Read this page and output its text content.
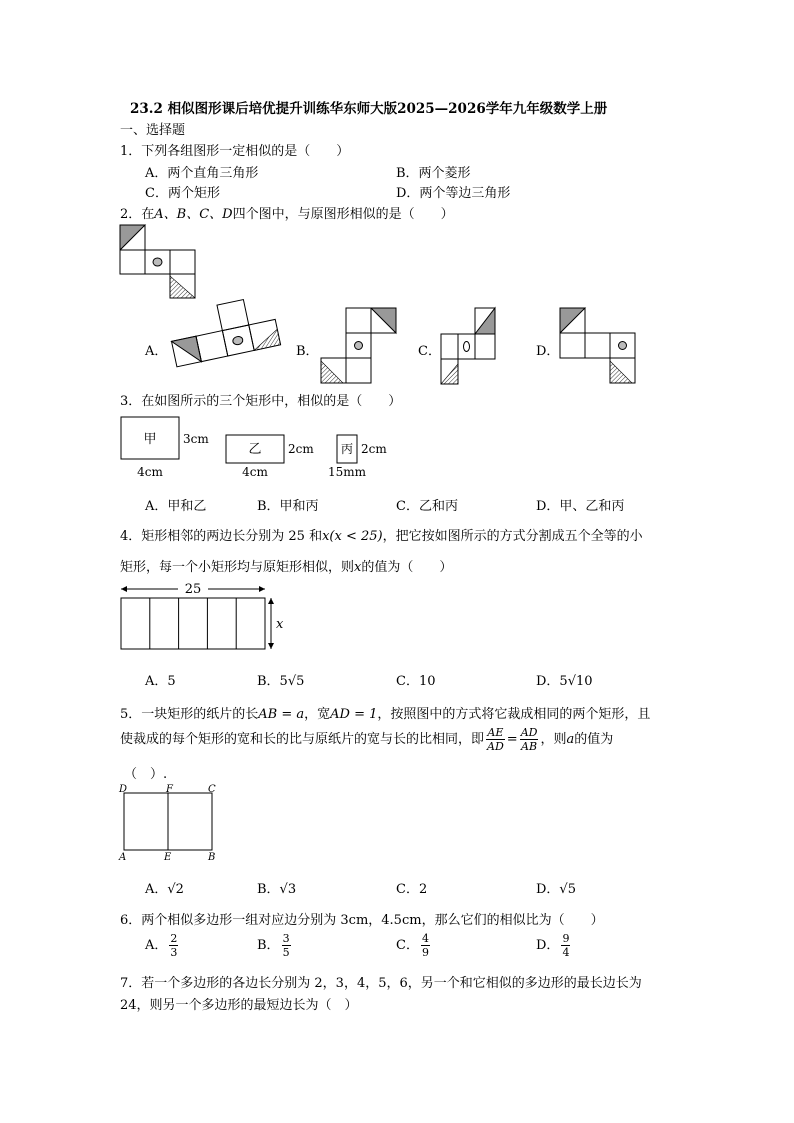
23.2 相似图形课后培优提升训练华东师大版2025—2026学年九年级数学上册
一、选择题
1．下列各组图形一定相似的是（　　）
A．两个直角三角形	B．两个菱形
C．两个矩形	D．两个等边三角形
2．在A、B、C、D四个图中，与原图形相似的是（　　）
A．	B．	C．	D．
3．在如图所示的三个矩形中，相似的是（　　）
甲 3cm
4cm
乙 2cm
4cm
丙 2cm
15mm
A．甲和乙	B．甲和丙	C．乙和丙	D．甲、乙和丙
4．矩形相邻的两边长分别为 25 和x(x < 25)，把它按如图所示的方式分割成五个全等的小
矩形，每一个小矩形均与原矩形相似，则x的值为（　　）
25
x
A．5	B．5√5	C．10	D．5√10
5．一块矩形的纸片的长AB = a，宽AD = 1，按照图中的方式将它裁成相同的两个矩形，且
使裁成的每个矩形的宽和长的比与原纸片的宽与长的比相同，即 $\frac{AE}{AD} = \frac{AD}{AB}$ ，则a的值为
（　）.
D	F	C
A	E	B
A．√2	B．√3	C．2	D．√5
6．两个相似多边形一组对应边分别为 3cm，4.5cm，那么它们的相似比为（　　）
A． $\frac{2}{3}$	B． $\frac{3}{5}$	C． $\frac{4}{9}$	D． $\frac{9}{4}$
7．若一个多边形的各边长分别为 2，3，4，5，6，另一个和它相似的多边形的最长边长为
24，则另一个多边形的最短边长为（　）
